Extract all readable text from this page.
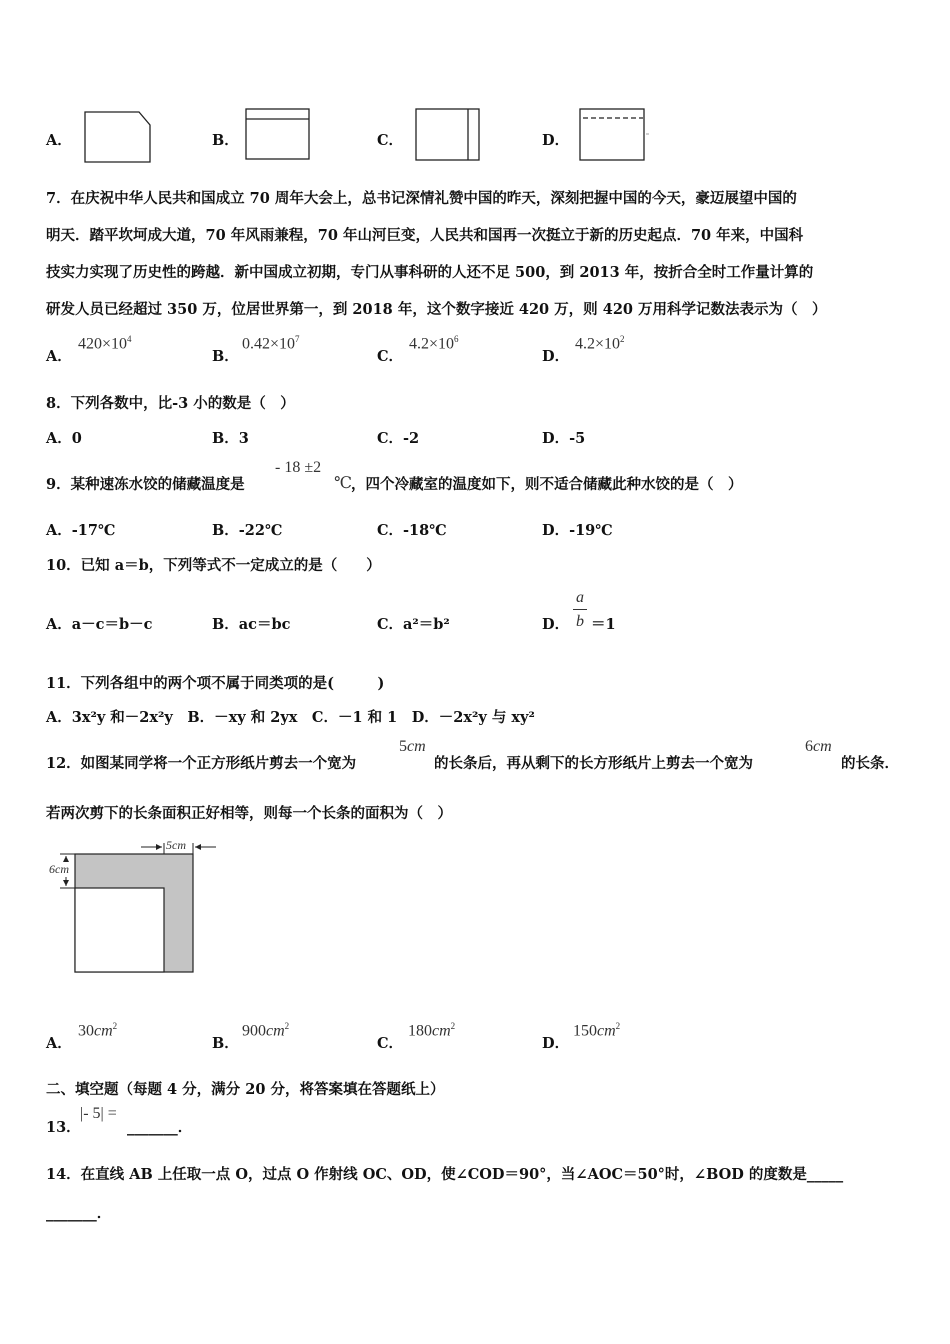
A．	B．	C．	D．
7．在庆祝中华人民共和国成立 70 周年大会上，总书记深情礼赞中国的昨天，深刻把握中国的今天，豪迈展望中国的
明天．踏平坎坷成大道，70 年风雨兼程，70 年山河巨变，人民共和国再一次挺立于新的历史起点．70 年来，中国科
技实力实现了历史性的跨越．新中国成立初期，专门从事科研的人还不足 500，到 2013 年，按折合全时工作量计算的
研发人员已经超过 350 万，位居世界第一，到 2018 年，这个数字接近 420 万，则 420 万用科学记数法表示为（　）
A．
$420\times 10^4$
B．
$0.42\times 10^7$
C．
$4.2\times 10^6$
D．
$4.2\times 10^2$
8．下列各数中，比-3 小的数是（　）
A．0	B．3	C．-2	D．-5
9．某种速冻水饺的储藏温度是
- 18 ±2
℃ ，四个冷藏室的温度如下，则不适合储藏此种水饺的是（　）
A．-17℃	B．-22℃	C．-18℃	D．-19℃
10．已知 a＝b，下列等式不一定成立的是（　　）
A．a－c＝b－c	B．ac＝bc	C．a²＝b²	D．
a
b ＝1
11．下列各组中的两个项不属于同类项的是(　　　)
A．3x²y 和－2x²y　B．－xy 和 2yx　C．－1 和 1　D．－2x²y 与 xy²
12．如图某同学将一个正方形纸片剪去一个宽为
5cm
的长条后，再从剩下的长方形纸片上剪去一个宽为
6cm
的长条．
若两次剪下的长条面积正好相等，则每一个长条的面积为（　）
5cm
6cm
A．
$30cm^2$
B．
$900cm^2$
C．
$180cm^2$
D．
$150cm^2$
二、填空题（每题 4 分，满分 20 分，将答案填在答题纸上）
13．
|- 5| =
_______．
14．在直线 AB 上任取一点 O，过点 O 作射线 OC、OD，使∠COD＝90°，当∠AOC＝50°时，∠BOD 的度数是_____
_______．
